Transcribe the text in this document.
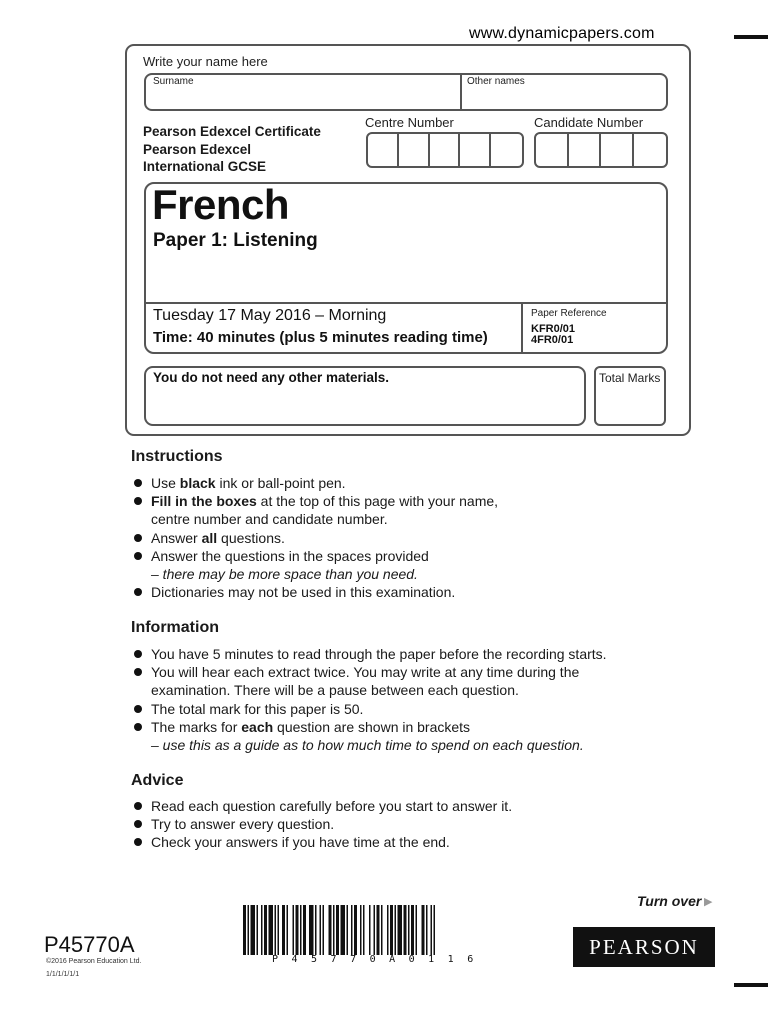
www.dynamicpapers.com
Write your name here
Surname	Other names
Pearson Edexcel Certificate
Pearson Edexcel
International GCSE
Centre Number	Candidate Number
French
Paper 1: Listening
Tuesday 17 May 2016 – Morning
Time: 40 minutes (plus 5 minutes reading time)
Paper Reference
KFR0/01
4FR0/01
You do not need any other materials.	Total Marks
Instructions
Use black ink or ball-point pen.
Fill in the boxes at the top of this page with your name,
centre number and candidate number.
Answer all questions.
Answer the questions in the spaces provided
– there may be more space than you need.
Dictionaries may not be used in this examination.
Information
You have 5 minutes to read through the paper before the recording starts.
You will hear each extract twice. You may write at any time during the
examination. There will be a pause between each question.
The total mark for this paper is 50.
The marks for each question are shown in brackets
– use this as a guide as to how much time to spend on each question.
Advice
Read each question carefully before you start to answer it.
Try to answer every question.
Check your answers if you have time at the end.
Turn over ▶
P45770A
©2016 Pearson Education Ltd.
1/1/1/1/1/1
P45770A0116
PEARSON
